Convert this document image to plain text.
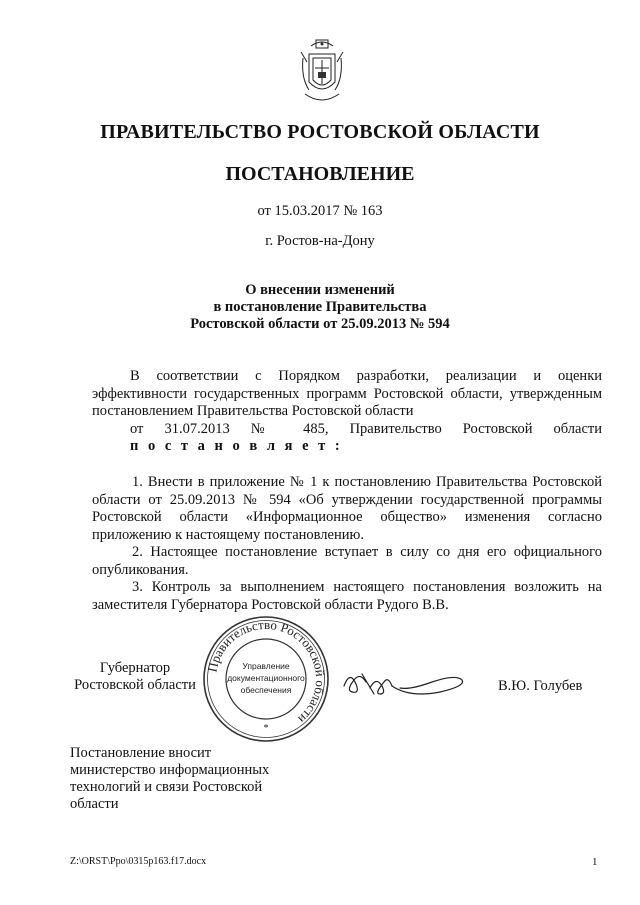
ПРАВИТЕЛЬСТВО РОСТОВСКОЙ ОБЛАСТИ
ПОСТАНОВЛЕНИЕ
от 15.03.2017 № 163
г. Ростов-на-Дону
О внесении изменений
в постановление Правительства
Ростовской области от 25.09.2013 № 594
В соответствии с Порядком разработки, реализации и оценки эффективности государственных программ Ростовской области, утвержденным постановлением Правительства Ростовской области
от 31.07.2013 № 485, Правительство Ростовской области
п о с т а н о в л я е т :

1. Внести в приложение № 1 к постановлению Правительства Ростовской области от 25.09.2013 № 594 «Об утверждении государственной программы Ростовской области «Информационное общество» изменения согласно приложению к настоящему постановлению.

2. Настоящее постановление вступает в силу со дня его официального опубликования.

3. Контроль за выполнением настоящего постановления возложить на заместителя Губернатора Ростовской области Рудого В.В.

Губернатор
Ростовской области
Правительство Ростовской области
Управление
документационного
обеспечения
*
В.Ю. Голубев
Постановление вносит
министерство информационных
технологий и связи Ростовской
области
Z:\ORST\Ppo\0315p163.f17.docx	1
